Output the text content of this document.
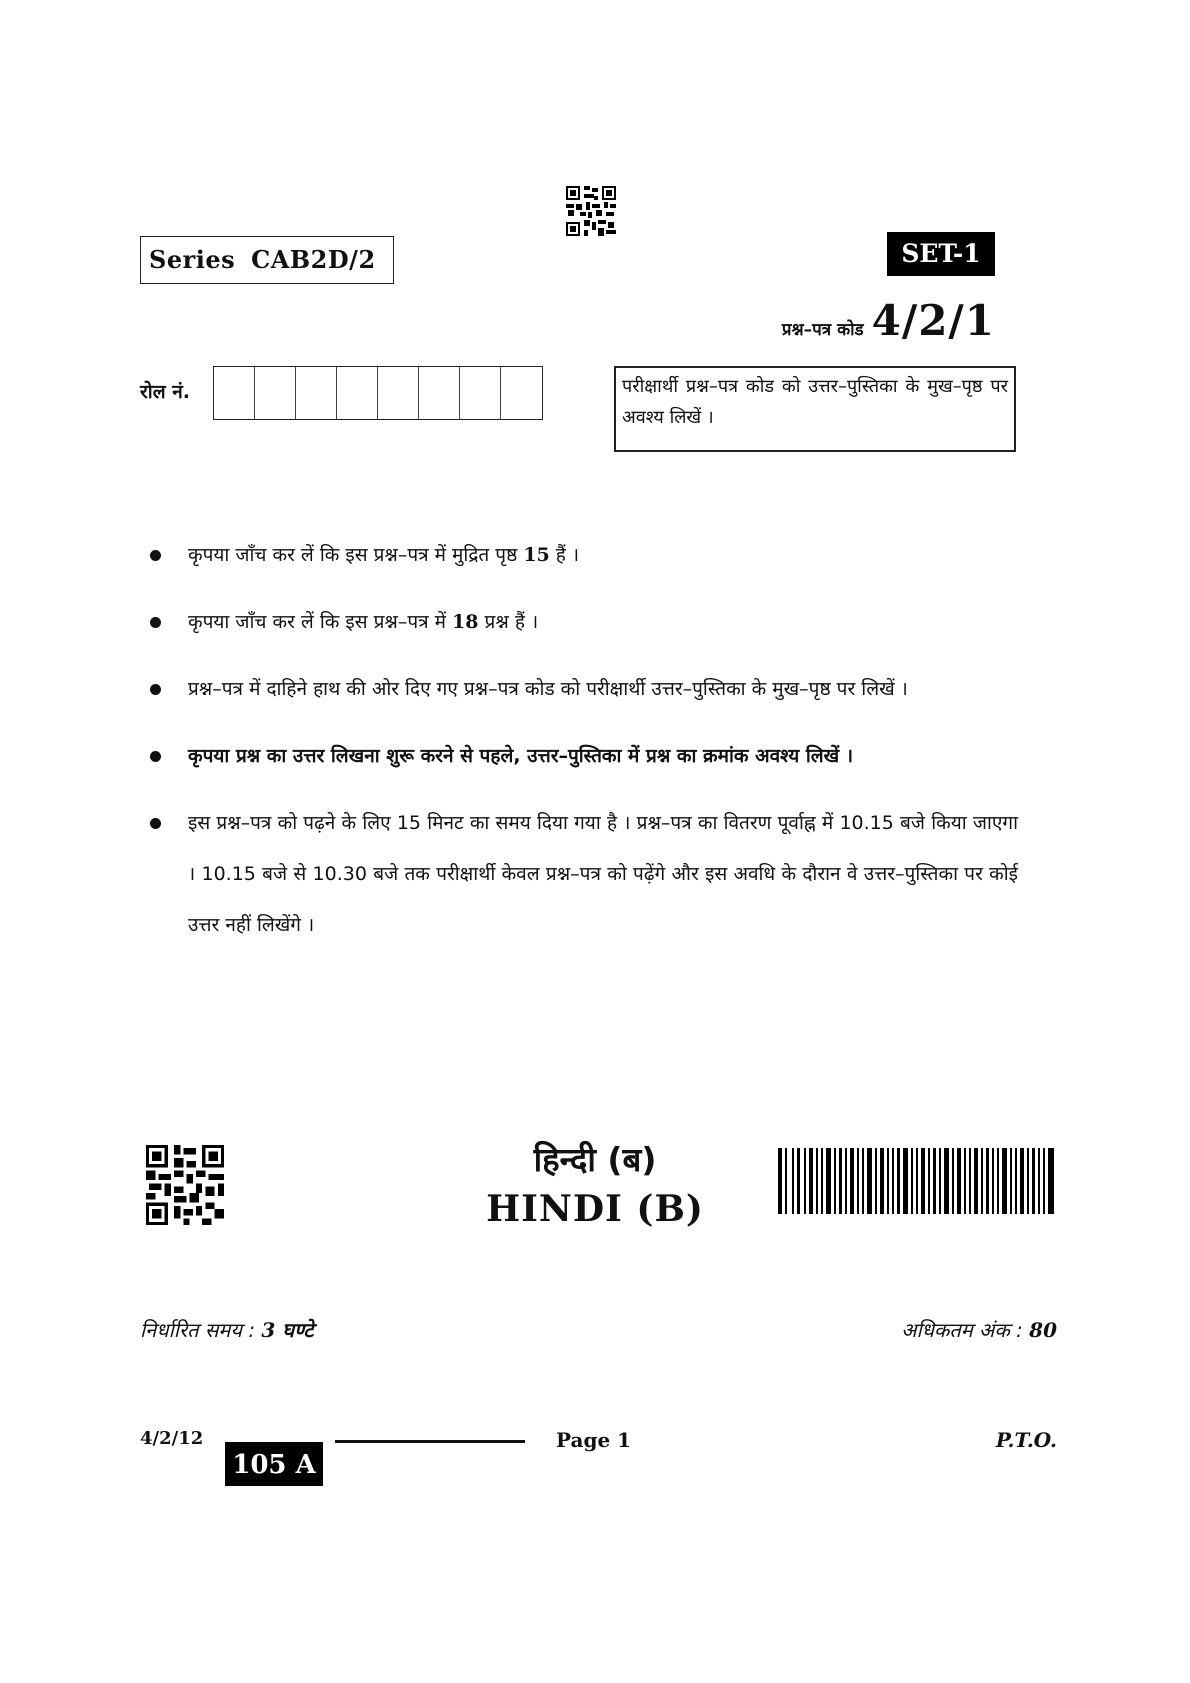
Series CAB2D/2	SET-1
प्रश्न–पत्र कोड 4/2/1
रोल नं.	परीक्षार्थी प्रश्न–पत्र कोड को उत्तर–पुस्तिका के मुख–पृष्ठ पर अवश्य लिखें ।
कृपया जाँच कर लें कि इस प्रश्न–पत्र में मुद्रित पृष्ठ 15 हैं ।
कृपया जाँच कर लें कि इस प्रश्न–पत्र में 18 प्रश्न हैं ।
प्रश्न–पत्र में दाहिने हाथ की ओर दिए गए प्रश्न–पत्र कोड को परीक्षार्थी उत्तर–पुस्तिका के मुख–पृष्ठ पर लिखें ।
कृपया प्रश्न का उत्तर लिखना शुरू करने से पहले, उत्तर–पुस्तिका में प्रश्न का क्रमांक अवश्य लिखें ।
इस प्रश्न–पत्र को पढ़ने के लिए 15 मिनट का समय दिया गया है । प्रश्न–पत्र का वितरण पूर्वाह्न में 10.15 बजे किया जाएगा । 10.15 बजे से 10.30 बजे तक परीक्षार्थी केवल प्रश्न–पत्र को पढ़ेंगे और इस अवधि के दौरान वे उत्तर–पुस्तिका पर कोई उत्तर नहीं लिखेंगे ।
हिन्दी (ब)
HINDI (B)
निर्धारित समय : 3 घण्टे	अधिकतम अंक : 80
4/2/12
105 A
Page 1	P.T.O.
